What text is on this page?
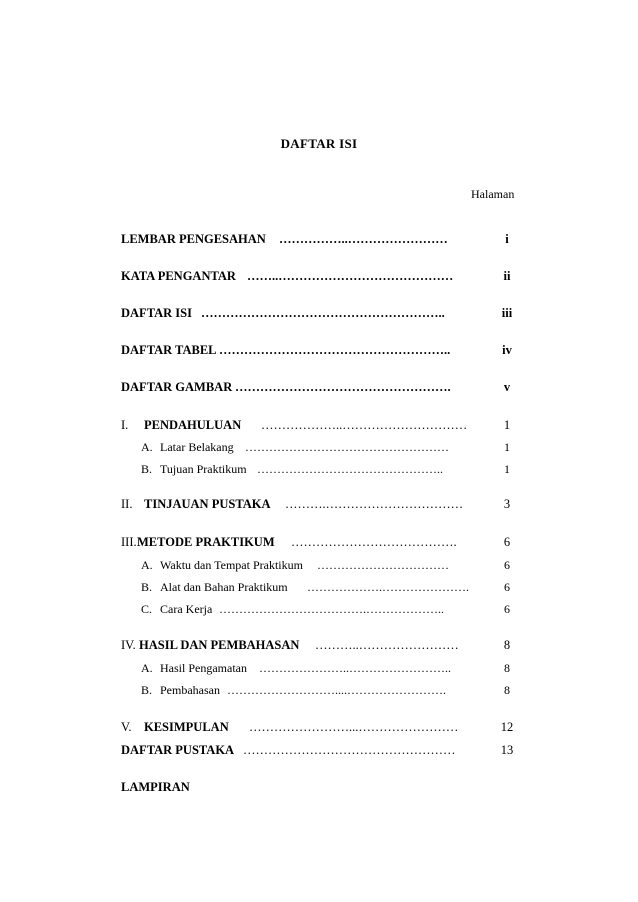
DAFTAR ISI
Halaman
LEMBAR PENGESAHAN ……………..……………………	i
KATA PENGANTAR ……..……………………………………	ii
DAFTAR ISI …………………………………………………..	iii
DAFTAR TABEL ………………………………………………..	iv
DAFTAR GAMBAR …………………………………………….	v
I. PENDAHULUAN ………………..…………………………	1
A. Latar Belakang ……………………………………………	1
B. Tujuan Praktikum ………………………………………..	1
II. TINJAUAN PUSTAKA ……….……………………………	3
III.METODE PRAKTIKUM ………………………………….	6
A. Waktu dan Tempat Praktikum ……………………………	6
B. Alat dan Bahan Praktikum ……………….………………….	6
C. Cara Kerja ……………………………….………………..	6
IV. HASIL DAN PEMBAHASAN ………..……………………	8
A. Hasil Pengamatan …………………..……………………..	8
B. Pembahasan ………………………....…………………….	8
V. KESIMPULAN ……………………...……………………	12
DAFTAR PUSTAKA ……………………………………………	13
LAMPIRAN
